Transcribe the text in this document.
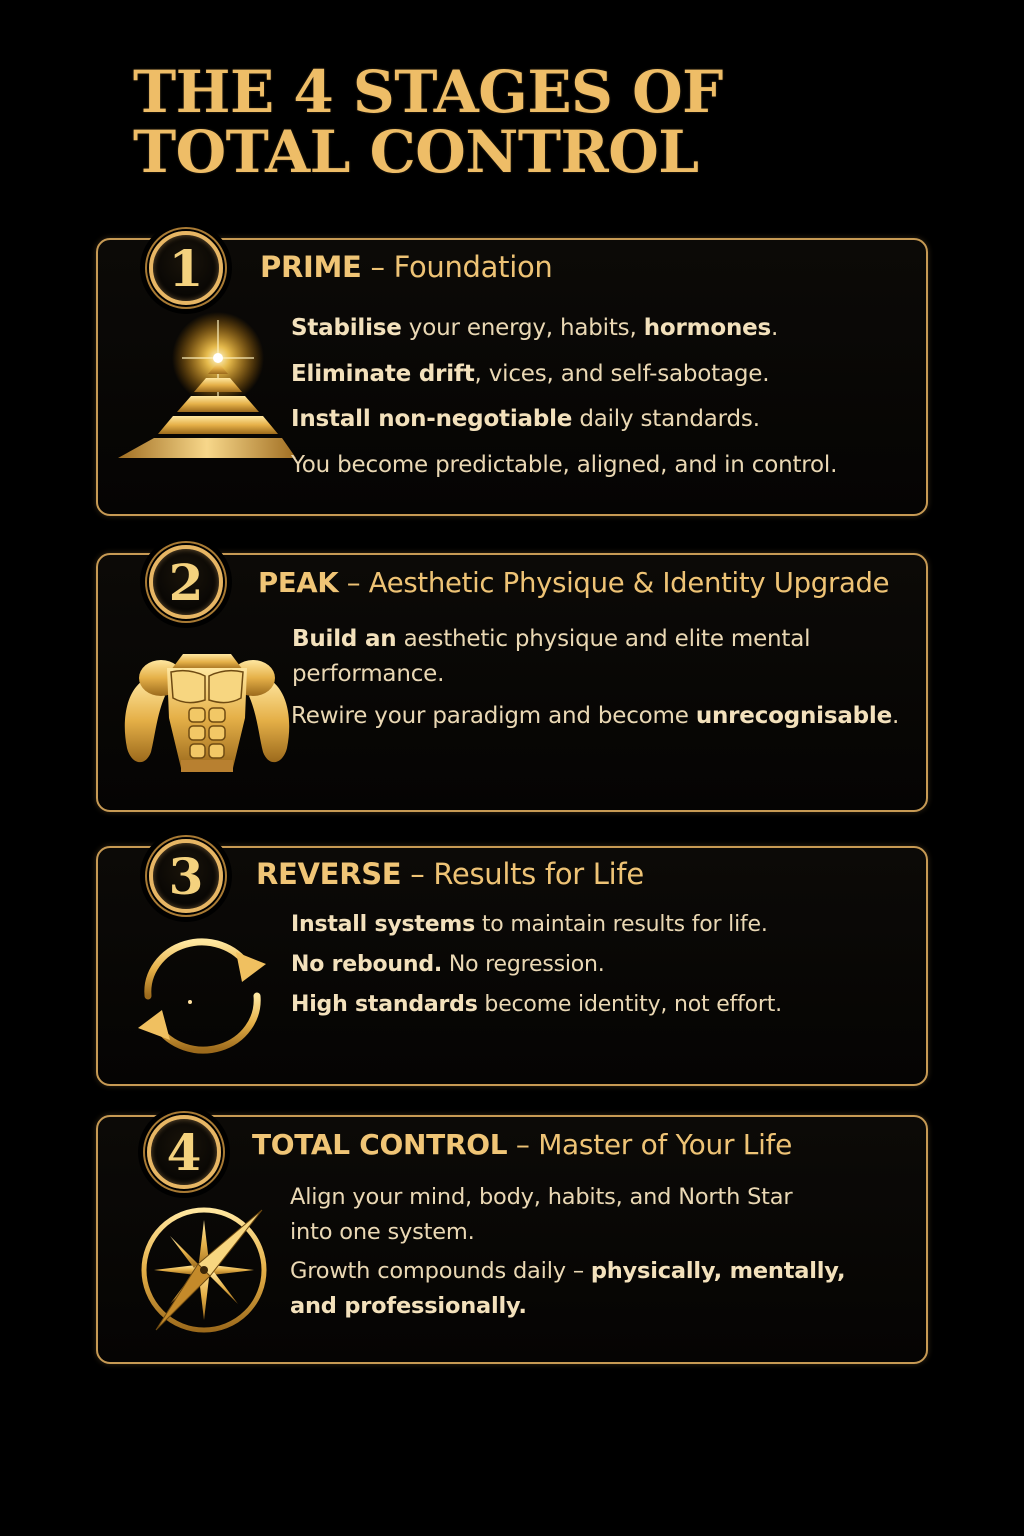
THE 4 STAGES OF
TOTAL CONTROL
1	PRIME – Foundation

Stabilise your energy, habits, hormones.

Eliminate drift, vices, and self-sabotage.

Install non-negotiable daily standards.

You become predictable, aligned, and in control.

2	PEAK – Aesthetic Physique & Identity Upgrade

Build an aesthetic physique and elite mental

performance.

Rewire your paradigm and become unrecognisable.

3	REVERSE – Results for Life

Install systems to maintain results for life.

No rebound. No regression.

High standards become identity, not effort.

4	TOTAL CONTROL – Master of Your Life

Align your mind, body, habits, and North Star

into one system.

Growth compounds daily – physically, mentally,

and professionally.
